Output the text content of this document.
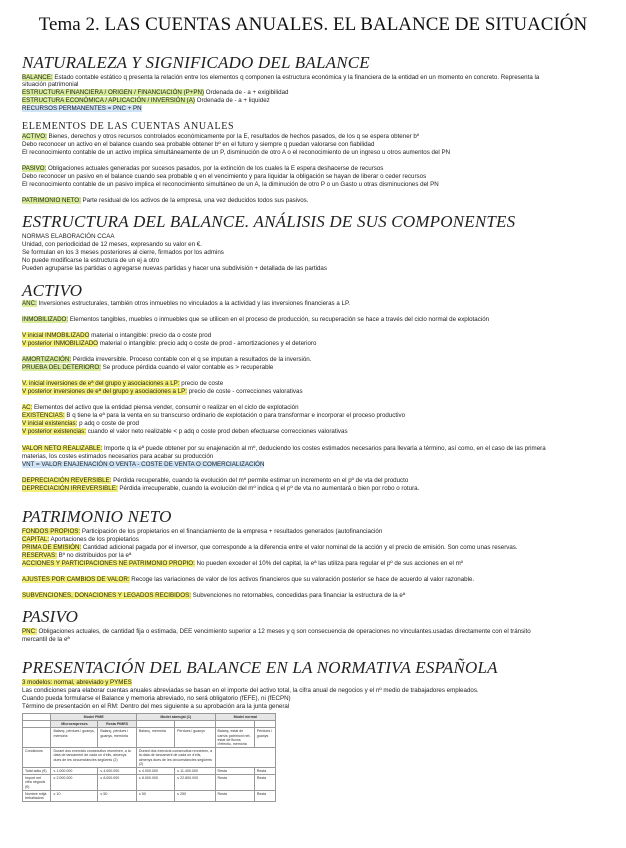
Tema 2. LAS CUENTAS ANUALES. EL BALANCE DE SITUACIÓN
NATURALEZA Y SIGNIFICADO DEL BALANCE
BALANCE: Estado contable estático q presenta la relación entre los elementos q componen la estructura económica y la financiera de la entidad en un momento en concreto. Representa la
situación patrimonial
ESTRUCTURA FINANCIERA / ORIGEN / FINANCIACIÓN (P+PN) Ordenada de - a + exigibilidad
ESTRUCTURA ECONÓMICA / APLICACIÓN / INVERSIÓN (A) Ordenada de - a + liquidez
RECURSOS PERMANENTES = PNC + PN
ELEMENTOS DE LAS CUENTAS ANUALES
ACTIVO: Bienes, derechos y otros recursos controlados económicamente por la E, resultados de hechos pasados, de los q se espera obtener bº
Debo reconocer un activo en el balance cuando sea probable obtener bº en el futuro y siempre q puedan valorarse con fiabilidad
El reconocimiento contable de un activo implica simultáneamente de un P, disminución de otro A o el reconocimiento de un ingreso u otros aumentos del PN
PASIVO: Obligaciones actuales generadas por sucesos pasados, por la extinción de los cuales la E espera deshacerse de recursos
Debo reconocer un pasivo en el balance cuando sea probable q en el vencimiento y para liquidar la obligación se hayan de liberar o ceder recursos
El reconocimiento contable de un pasivo implica el reconocimiento simultáneo de un A, la diminución de otro P o un Gasto u otras disminuciones del PN
PATRIMONIO NETO: Parte residual de los activos de la empresa, una vez deducidos todos sus pasivos.
ESTRUCTURA DEL BALANCE. ANÁLISIS DE SUS COMPONENTES
NORMAS ELABORACIÓN CCAA
Unidad, con periodicidad de 12 meses, expresando su valor en €.
Se formulan en los 3 meses posteriores al cierre, firmados por los admins
No puede modificarse la estructura de un ej a otro
Pueden agruparse las partidas o agregarse nuevas partidas y hacer una subdivisión + detallada de las partidas
ACTIVO
ANC: Inversiones estructurales, también otros inmuebles no vinculados a la actividad y las inversiones financieras a LP.
INMOBILIZADO: Elementos tangibles, muebles o inmuebles que se utilicen en el proceso de producción, su recuperación se hace a través del ciclo normal de explotación
V inicial INMOBILIZADO material o intangible: precio da o coste prod
V posterior INMOBILIZADO material o intangible: precio adq o coste de prod - amortizaciones y el deterioro
AMORTIZACIÓN: Pérdida irreversible. Proceso contable con el q se imputan a resultados de la inversión.
PRUEBA DEL DETERIORO: Se produce pérdida cuando el valor contable es > recuperable
V. inicial inversiones de eª del grupo y asociaciones a LP: precio de coste
V posterior inversiones de eª del grupo y asociaciones a LP: precio de coste - correcciones valorativas
AC: Elementos del activo que la entidad piensa vender, consumir o realizar en el ciclo de explotación
EXISTENCIAS: B q tiene la eª para la venta en su transcurso ordinario de explotación o para transformar e incorporar el proceso productivo
V inicial existencias: p adq o coste de prod
V posterior existencias: cuando el valor neto realizable < p adq o coste prod deben efectuarse correcciones valorativas
VALOR NETO REALIZABLE: Importe q la eª puede obtener por su enajenación al mº, deduciendo los costes estimados necesarios para llevarla a término, así como, en el caso de las primera
materias, los costes estimados necesarios para acabar su producción
VNT = VALOR ENAJENACIÓN O VENTA - COSTE DE VENTA O COMERCIALIZACIÓN
DEPRECIACIÓN REVERSIBLE: Pérdida recuperable, cuando la evolución del mº permite estimar un incremento en el pº de vta del producto
DEPRECIACIÓN IRREVERSIBLE: Pérdida irrecuperable, cuando la evolución del mº indica q el pº de vta no aumentará o bien por robo o rotura.
PATRIMONIO NETO
FONDOS PROPIOS: Participación de los propietarios en el financiamiento de la empresa + resultados generados (autofinanciación
CAPITAL: Aportaciones de los propietarios
PRIMA DE EMISIÓN: Cantidad adicional pagada por el inversor, que corresponde a la diferencia entre el valor nominal de la acción y el precio de emisión. Son como unas reservas.
RESERVAS: Bº no distribuidos por la eª
ACCIONES Y PARTICIPACIONES NE PATRIMONIO PROPIO: No pueden exceder el 10% del capital, la eª las utiliza para regular el pº de sus acciones en el mº
AJUSTES POR CAMBIOS DE VALOR: Recoge las variaciones de valor de los activos financieros que su valoración posterior se hace de acuerdo al valor razonable.
SUBVENCIONES, DONACIONES Y LEGADOS RECIBIDOS: Subvenciones no retornables, concedidas para financiar la estructura de la eª
PASIVO
PNC: Obligaciones actuales, de cantidad fija o estimada, DEE vencimiento superior a 12 meses y q son consecuencia de operaciones no vinculantes.usadas directamente con el tránsito
mercantil de la eª
PRESENTACIÓN DEL BALANCE EN LA NORMATIVA ESPAÑOLA
3 modelos: normal, abreviado y PYMES
Las condiciones para elaborar cuentas anuales abreviadas se basan en el importe del activo total, la cifra anual de negocios y el nº medio de trabajadores empleados.
Cuando pueda formularse el Balance y memoria abreviado, no será obligatorio (fEFE), ni (fECPN)
Término de presentación en el RM: Dentro del mes siguiente a su aprobación ara la junta general
	Model PIME		Model abreujat (1)		Model normal	
	Microempreses	Resta PIMES				
	Balanç, pèrdues i guanys, memòria	Balanç, pèrdues i guanys, memòria	Balanç, memòria	Pèrdues i guanys	Balanç, estat de canvis patrimoni net, estat de fluxos d'efectiu, memòria	Pèrdues i guanys
Condicions	Durant dos exercicis consecutius reuneixen, a la data de tancament de cada un d'ells, almenys dues de les circumstàncies següents (2)		Durant dos exercicis consecutius reuneixen, a la data de tancament de cada un d'ells, almenys dues de les circumstàncies següents (2)			
Total actiu (€)	≤ 1.000.000	≤ 4.000.000	≤ 4.000.000	≤ 11.400.000	Resta	Resta
Import net xifra negocis (€)	≤ 2.000.000	≤ 8.000.000	≤ 8.000.000	≤ 22.800.000	Resta	Resta
Nombre mitjà treballadors	≤ 10	≤ 50	≤ 50	≤ 250	Resta	Resta
